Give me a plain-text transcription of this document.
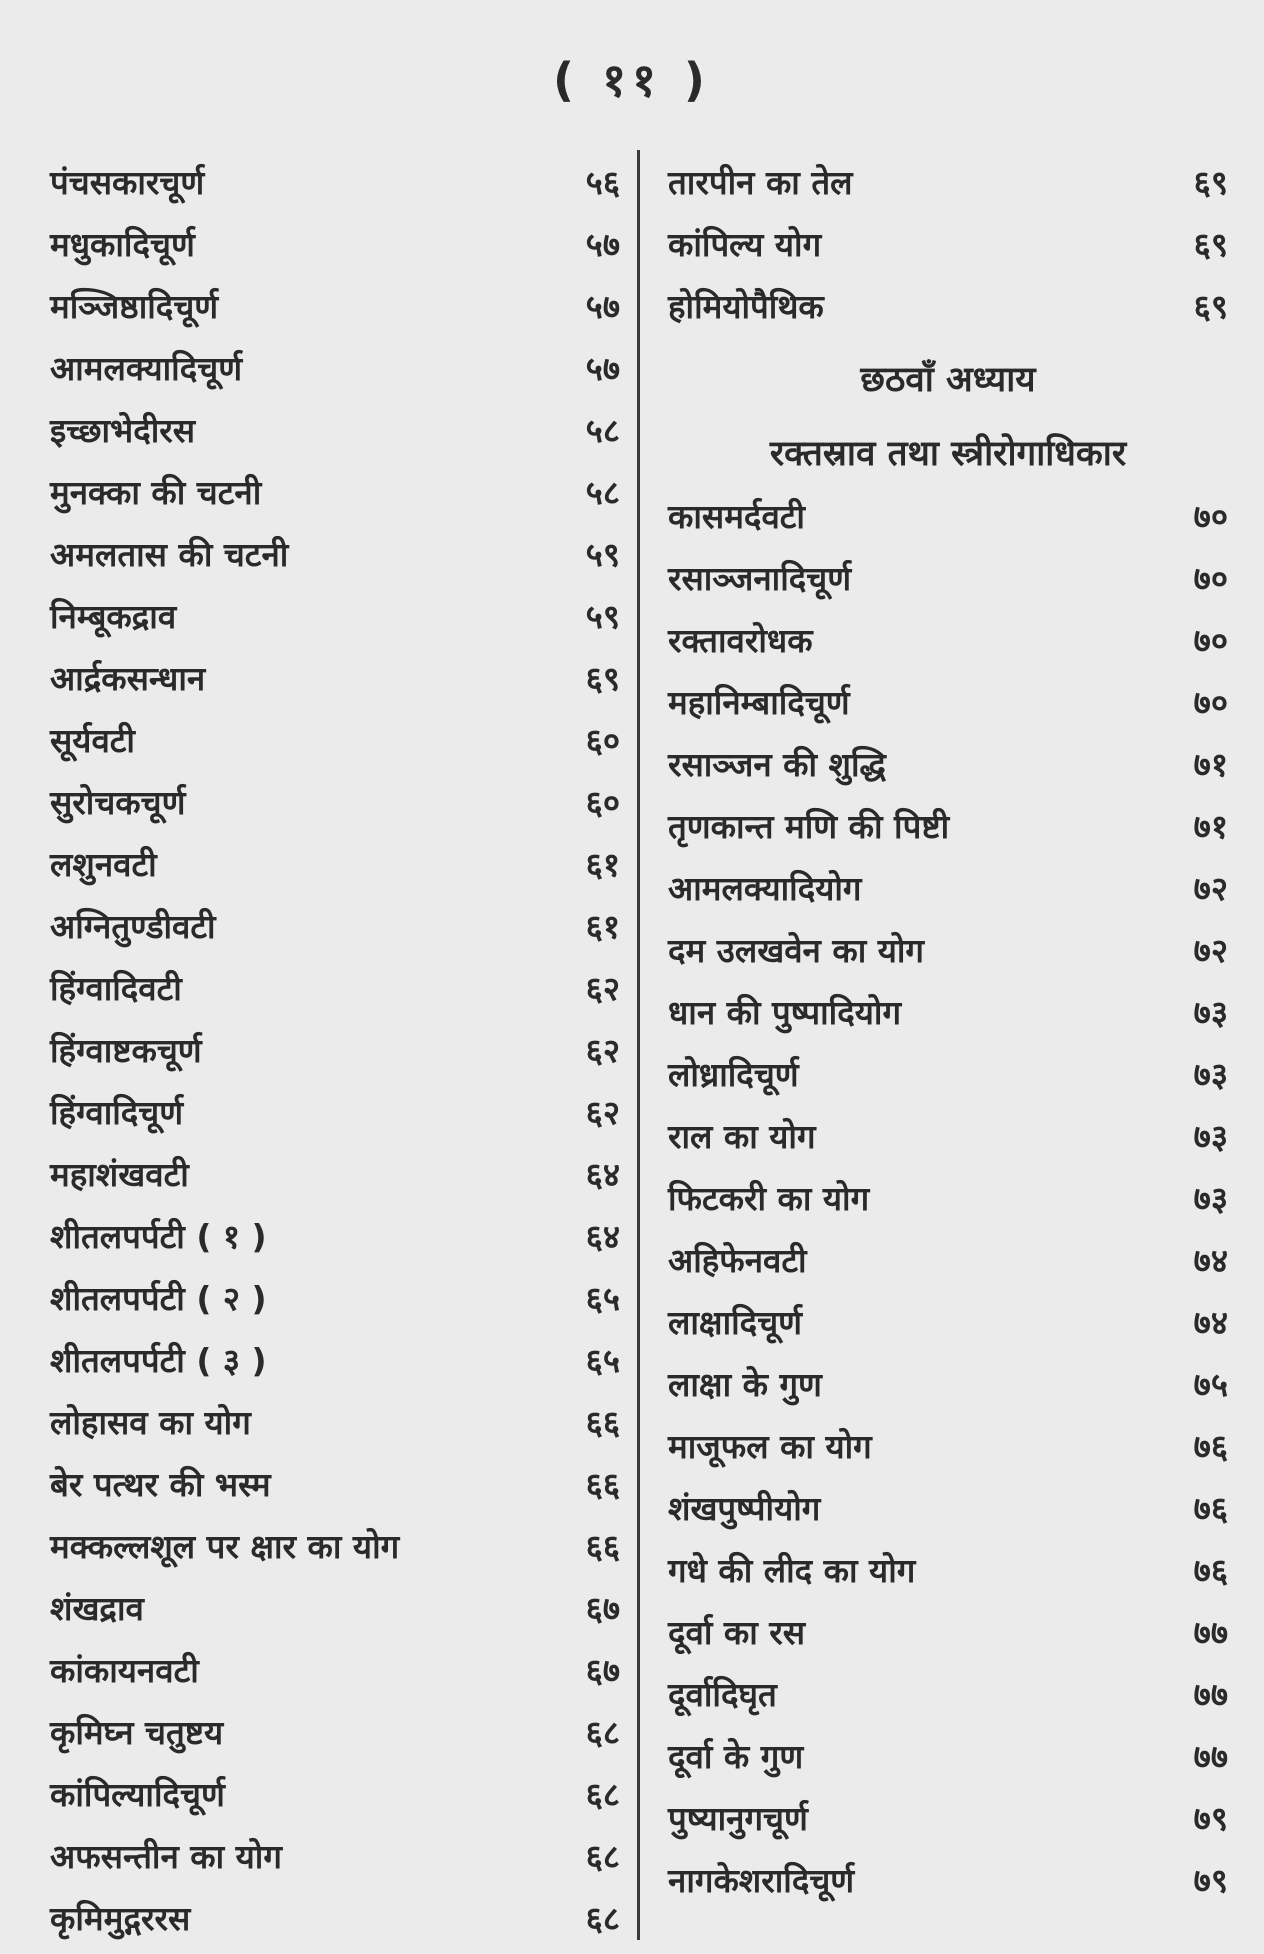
( ११ )
पंचसकारचूर्ण	५६
मधुकादिचूर्ण	५७
मञ्जिष्ठादिचूर्ण	५७
आमलक्यादिचूर्ण	५७
इच्छाभेदीरस	५८
मुनक्का की चटनी	५८
अमलतास की चटनी	५९
निम्बूकद्राव	५९
आर्द्रकसन्धान	६९
सूर्यवटी	६०
सुरोचकचूर्ण	६०
लशुनवटी	६१
अग्नितुण्डीवटी	६१
हिंग्वादिवटी	६२
हिंग्वाष्टकचूर्ण	६२
हिंग्वादिचूर्ण	६२
महाशंखवटी	६४
शीतलपर्पटी ( १ )	६४
शीतलपर्पटी ( २ )	६५
शीतलपर्पटी ( ३ )	६५
लोहासव का योग	६६
बेर पत्थर की भस्म	६६
मक्कल्लशूल पर क्षार का योग	६६
शंखद्राव	६७
कांकायनवटी	६७
कृमिघ्न चतुष्टय	६८
कांपिल्यादिचूर्ण	६८
अफसन्तीन का योग	६८
कृमिमुद्गररस	६८
तारपीन का तेल	६९
कांपिल्य योग	६९
होमियोपैथिक	६९
छठवाँ अध्याय
रक्तस्राव तथा स्त्रीरोगाधिकार
कासमर्दवटी	७०
रसाञ्जनादिचूर्ण	७०
रक्तावरोधक	७०
महानिम्बादिचूर्ण	७०
रसाञ्जन की शुद्धि	७१
तृणकान्त मणि की पिष्टी	७१
आमलक्यादियोग	७२
दम उलखवेन का योग	७२
धान की पुष्पादियोग	७३
लोध्रादिचूर्ण	७३
राल का योग	७३
फिटकरी का योग	७३
अहिफेनवटी	७४
लाक्षादिचूर्ण	७४
लाक्षा के गुण	७५
माजूफल का योग	७६
शंखपुष्पीयोग	७६
गधे की लीद का योग	७६
दूर्वा का रस	७७
दूर्वादिघृत	७७
दूर्वा के गुण	७७
पुष्यानुगचूर्ण	७९
नागकेशरादिचूर्ण	७९
